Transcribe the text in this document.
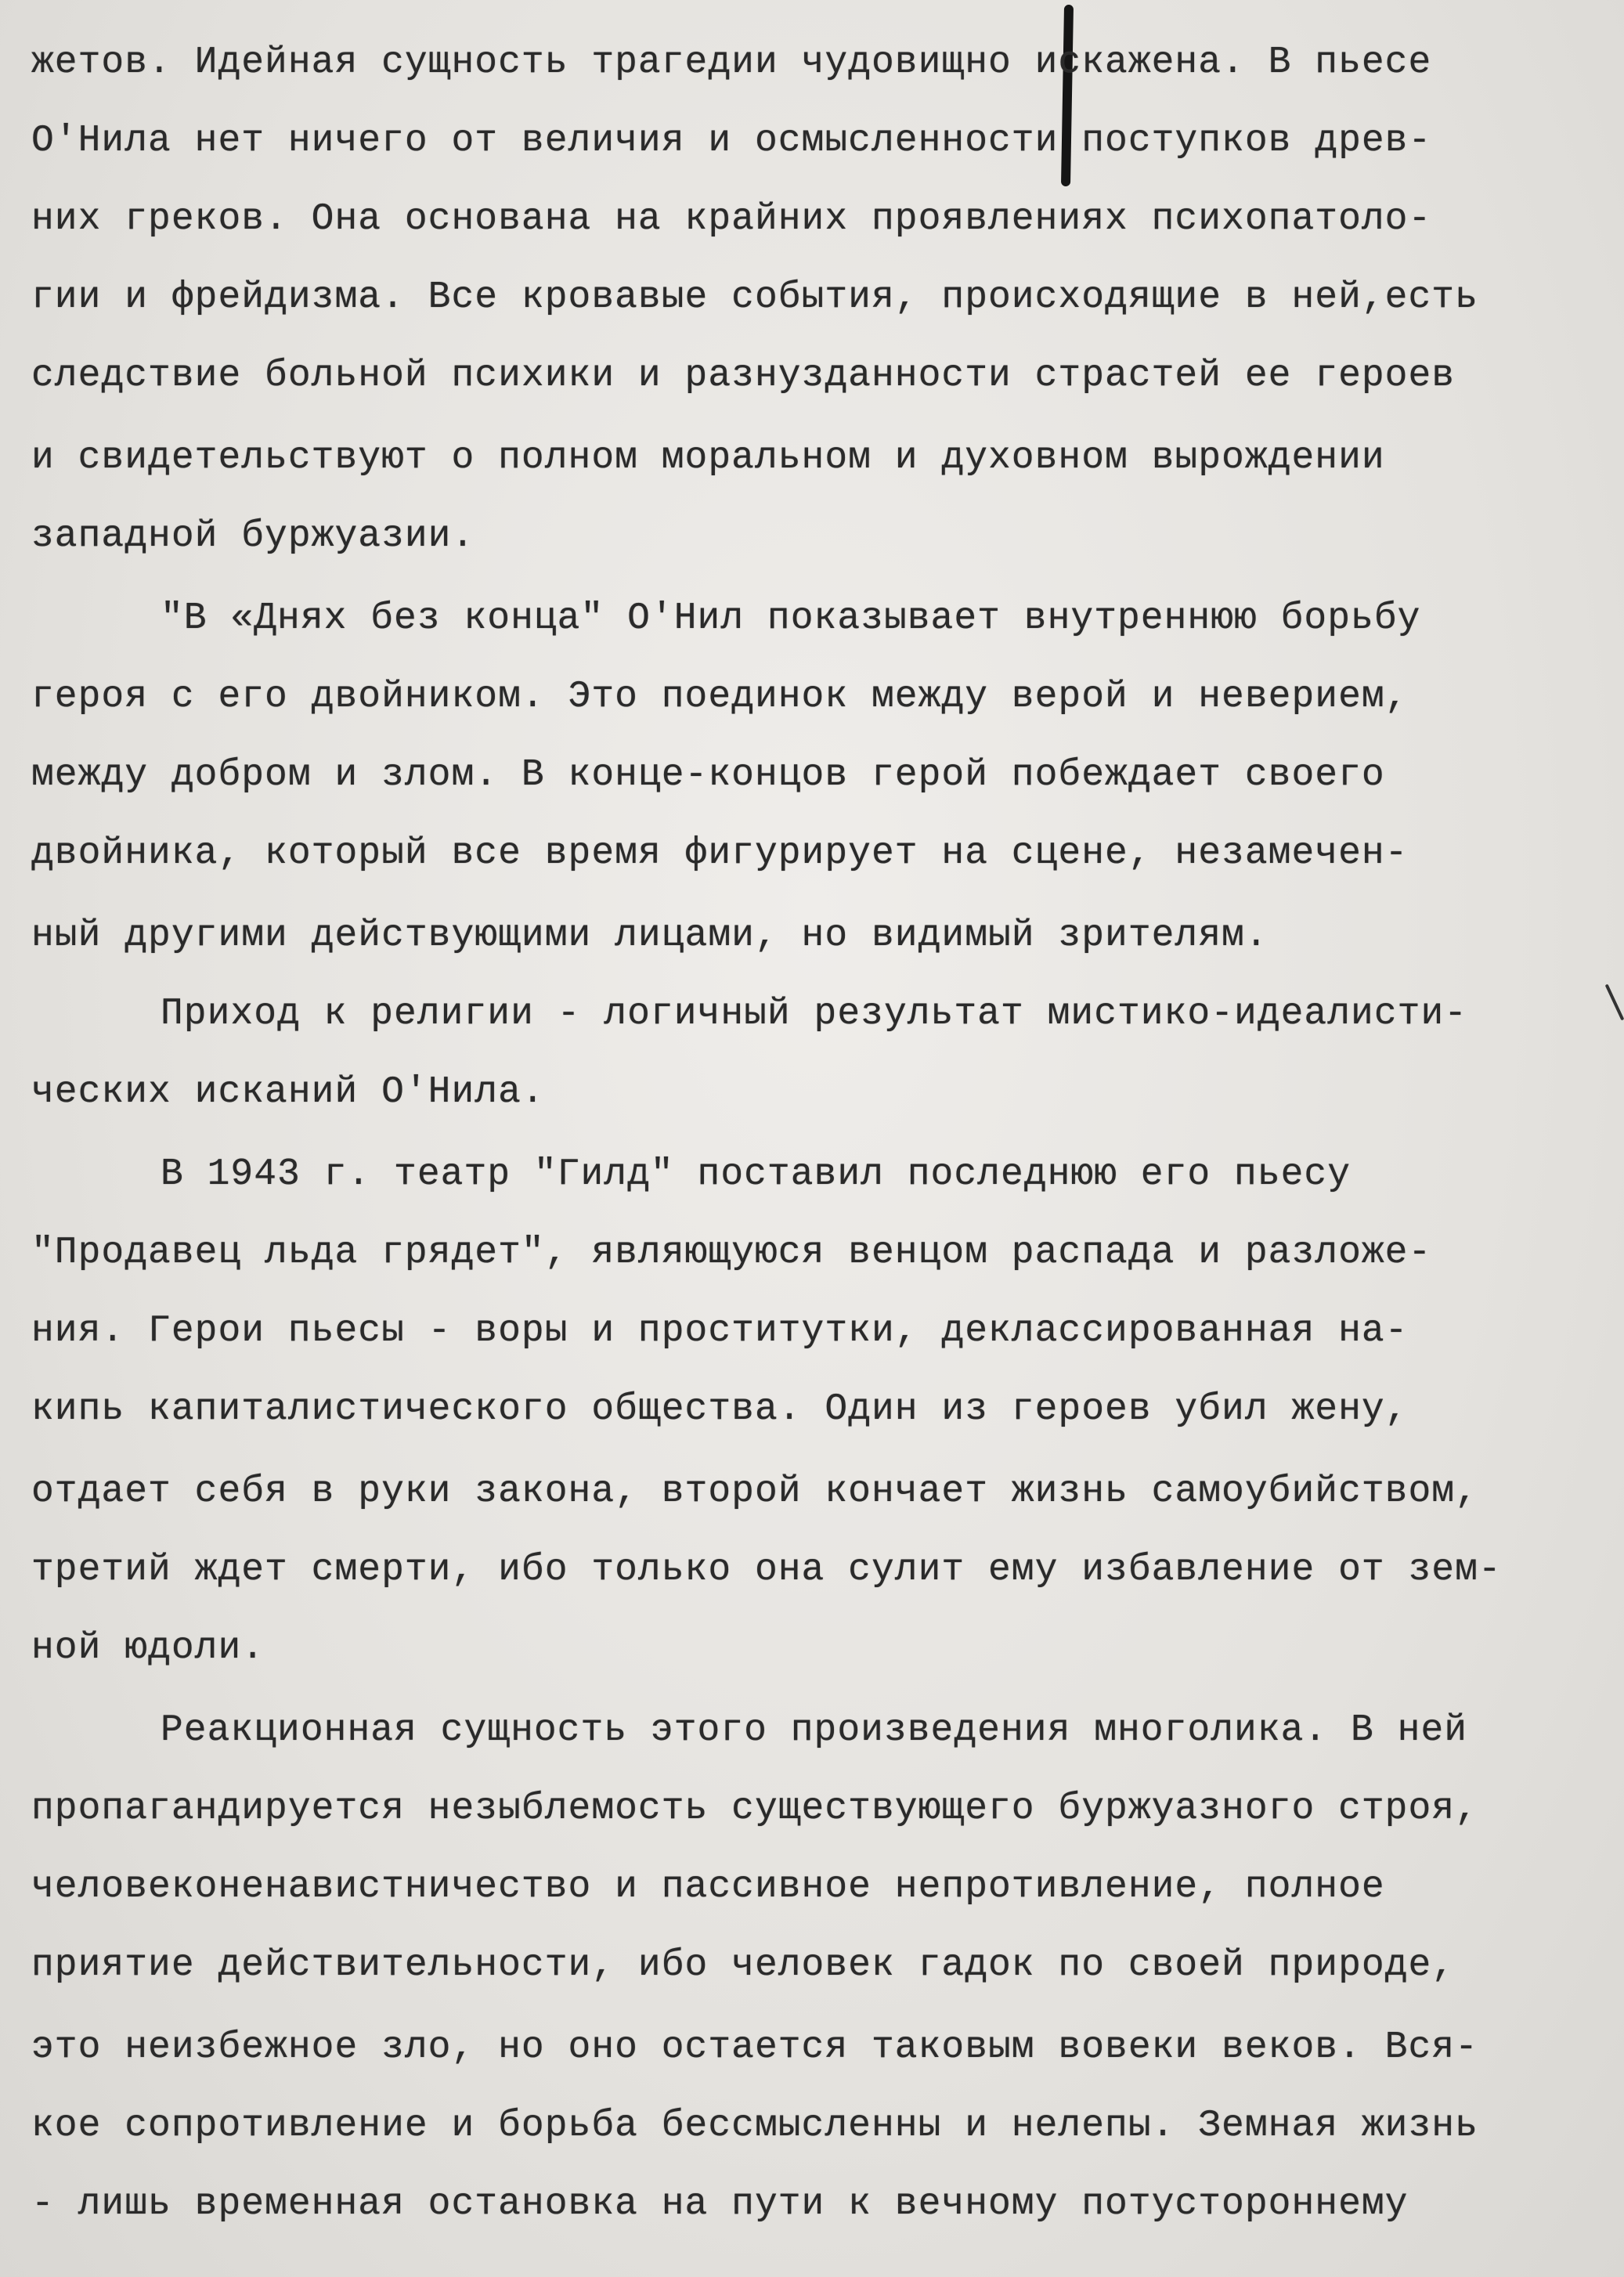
жетов. Идейная сущность трагедии чудовищно искажена. В пьесе

О'Нила нет ничего от величия и осмысленности поступков древ-

них греков. Она основана на крайних проявлениях психопатоло-

гии и фрейдизма. Все кровавые события, происходящие в ней,есть

следствие больной психики и разнузданности страстей ее героев

и свидетельствуют о полном моральном и духовном вырождении

западной буржуазии.

"В «Днях без конца" О'Нил показывает внутреннюю борьбу

героя с его двойником. Это поединок между верой и неверием,

между добром и злом. В конце-концов герой побеждает своего

двойника, который все время фигурирует на сцене, незамечен-

ный другими действующими лицами, но видимый зрителям.

Приход к религии - логичный результат мистико-идеалисти-

ческих исканий О'Нила.

В 1943 г. театр "Гилд" поставил последнюю его пьесу

"Продавец льда грядет", являющуюся венцом распада и разложе-

ния. Герои пьесы - воры и проститутки, деклассированная на-

кипь капиталистического общества. Один из героев убил жену,

отдает себя в руки закона, второй кончает жизнь самоубийством,

третий ждет смерти, ибо только она сулит ему избавление от зем-

ной юдоли.

Реакционная сущность этого произведения многолика. В ней

пропагандируется незыблемость существующего буржуазного строя,

человеконенавистничество и пассивное непротивление, полное

приятие действительности, ибо человек гадок по своей природе,

это неизбежное зло, но оно остается таковым вовеки веков. Вся-

кое сопротивление и борьба бессмысленны и нелепы. Земная жизнь

- лишь временная остановка на пути к вечному потустороннему
